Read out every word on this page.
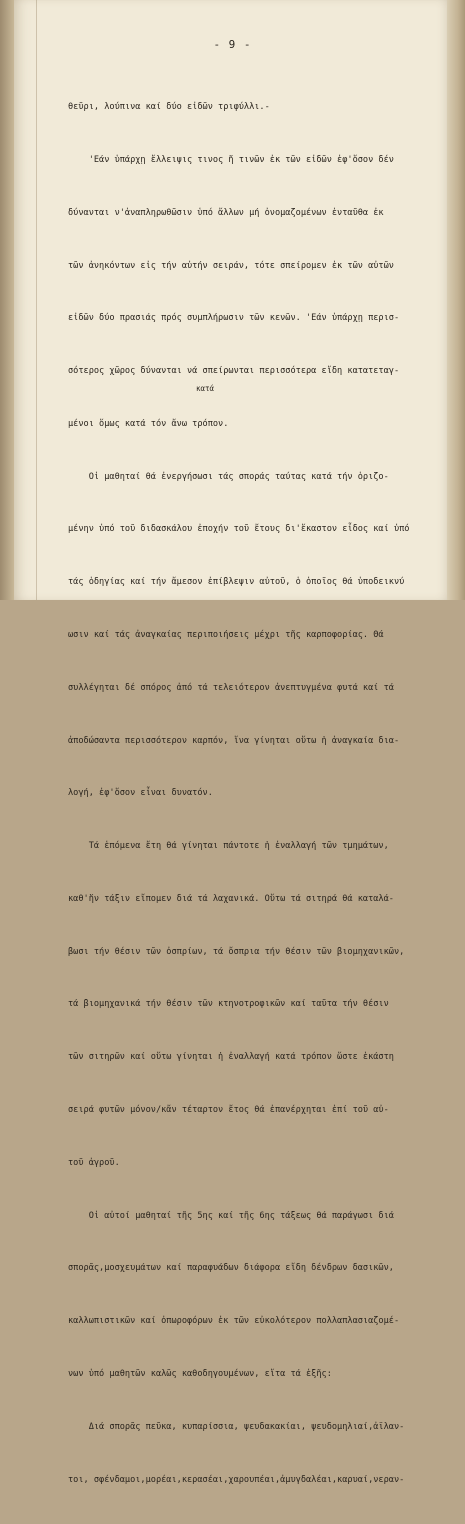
- 9 -

θεῦρι, λούπινα καί δύο εἰδῶν τριφύλλι.-

'Εάν ὑπάρχῃ ἔλλειψις τινος ἤ τινῶν ἐκ τῶν εἰδῶν ἐφ'ὅσον δέν

δύνανται ν'ἀναπληρωθῶσιν ὑπό ἄλλων μή ὀνομαζομένων ἐνταῦθα ἐκ

τῶν ἀνηκόντων εἰς τήν αὐτήν σειράν, τότε σπείρομεν ἐκ τῶν αὐτῶν

εἰδῶν δύο πρασιάς πρός συμπλήρωσιν τῶν κενῶν. 'Εάν ὑπάρχῃ περισ-

σότερος χῶρος δύνανται νά σπείρωνται περισσότερα εἴδη κατατεταγ-

μένοι ὅμως κατά τόν ἄνω τρόπον.

Οἱ μαθηταί θά ἐνεργήσωσι τάς σποράς ταύτας κατά τήν ὁριζο-

μένην ὑπό τοῦ διδασκάλου ἐποχήν τοῦ ἔτους δι'ἕκαστον εἶδος καί ὑπό

τάς ὁδηγίας καί τήν ἄμεσον ἐπίβλεψιν αὐτοῦ, ὁ ὁποῖος θά ὑποδεικνύ

ωσιν καί τάς ἀναγκαίας περιποιήσεις μέχρι τῆς καρποφορίας. Θά

συλλέγηται δέ σπόρος ἀπό τά τελειότερον ἀνεπτυγμένα φυτά καί τά

ἀποδώσαντα περισσότερον καρπόν, ἵνα γίνηται οὕτω ἡ ἀναγκαία δια-

λογή, ἐφ'ὅσον εἶναι δυνατόν.

Τά ἑπόμενα ἔτη θά γίνηται πάντοτε ἡ ἐναλλαγή τῶν τμημάτων,

καθ'ἥν τάξιν εἴπομεν διά τά λαχανικά. Οὕτω τά σιτηρά θά καταλά-

βωσι τήν θέσιν τῶν ὀσπρίων, τά ὄσπρια τήν θέσιν τῶν βιομηχανικῶν,

τά βιομηχανικά τήν θέσιν τῶν κτηνοτροφικῶν καί ταῦτα τήν θέσιν

τῶν σιτηρῶν καί οὕτω γίνηται ἡ ἐναλλαγή κατά τρόπον ὥστε ἑκάστη

σειρά φυτῶν μόνον/κἄν τέταρτον ἔτος θά ἐπανέρχηται ἐπί τοῦ αὐ-

τοῦ ἀγροῦ.

Οἱ αὐτοί μαθηταί τῆς 5ης καί τῆς 6ης τάξεως θά παράγωσι διά

σπορᾶς,μοσχευμάτων καί παραφυάδων διάφορα εἴδη δένδρων δασικῶν,

καλλωπιστικῶν καί ὀπωροφόρων ἐκ τῶν εὐκολότερον πολλαπλασιαζομέ-

νων ὑπό μαθητῶν καλῶς καθοδηγουμένων, εἴτα τά ἑξῆς:

Διά σπορᾶς πεῦκα, κυπαρίσσια, ψευδακακίαι, ψευδομηλιαί,ἀϊλαν-

τοι, σφένδαμοι,μορέαι,κερασέαι,χαρουπέαι,ἀμυγδαλέαι,καρυαί,νεραν-

κατά
